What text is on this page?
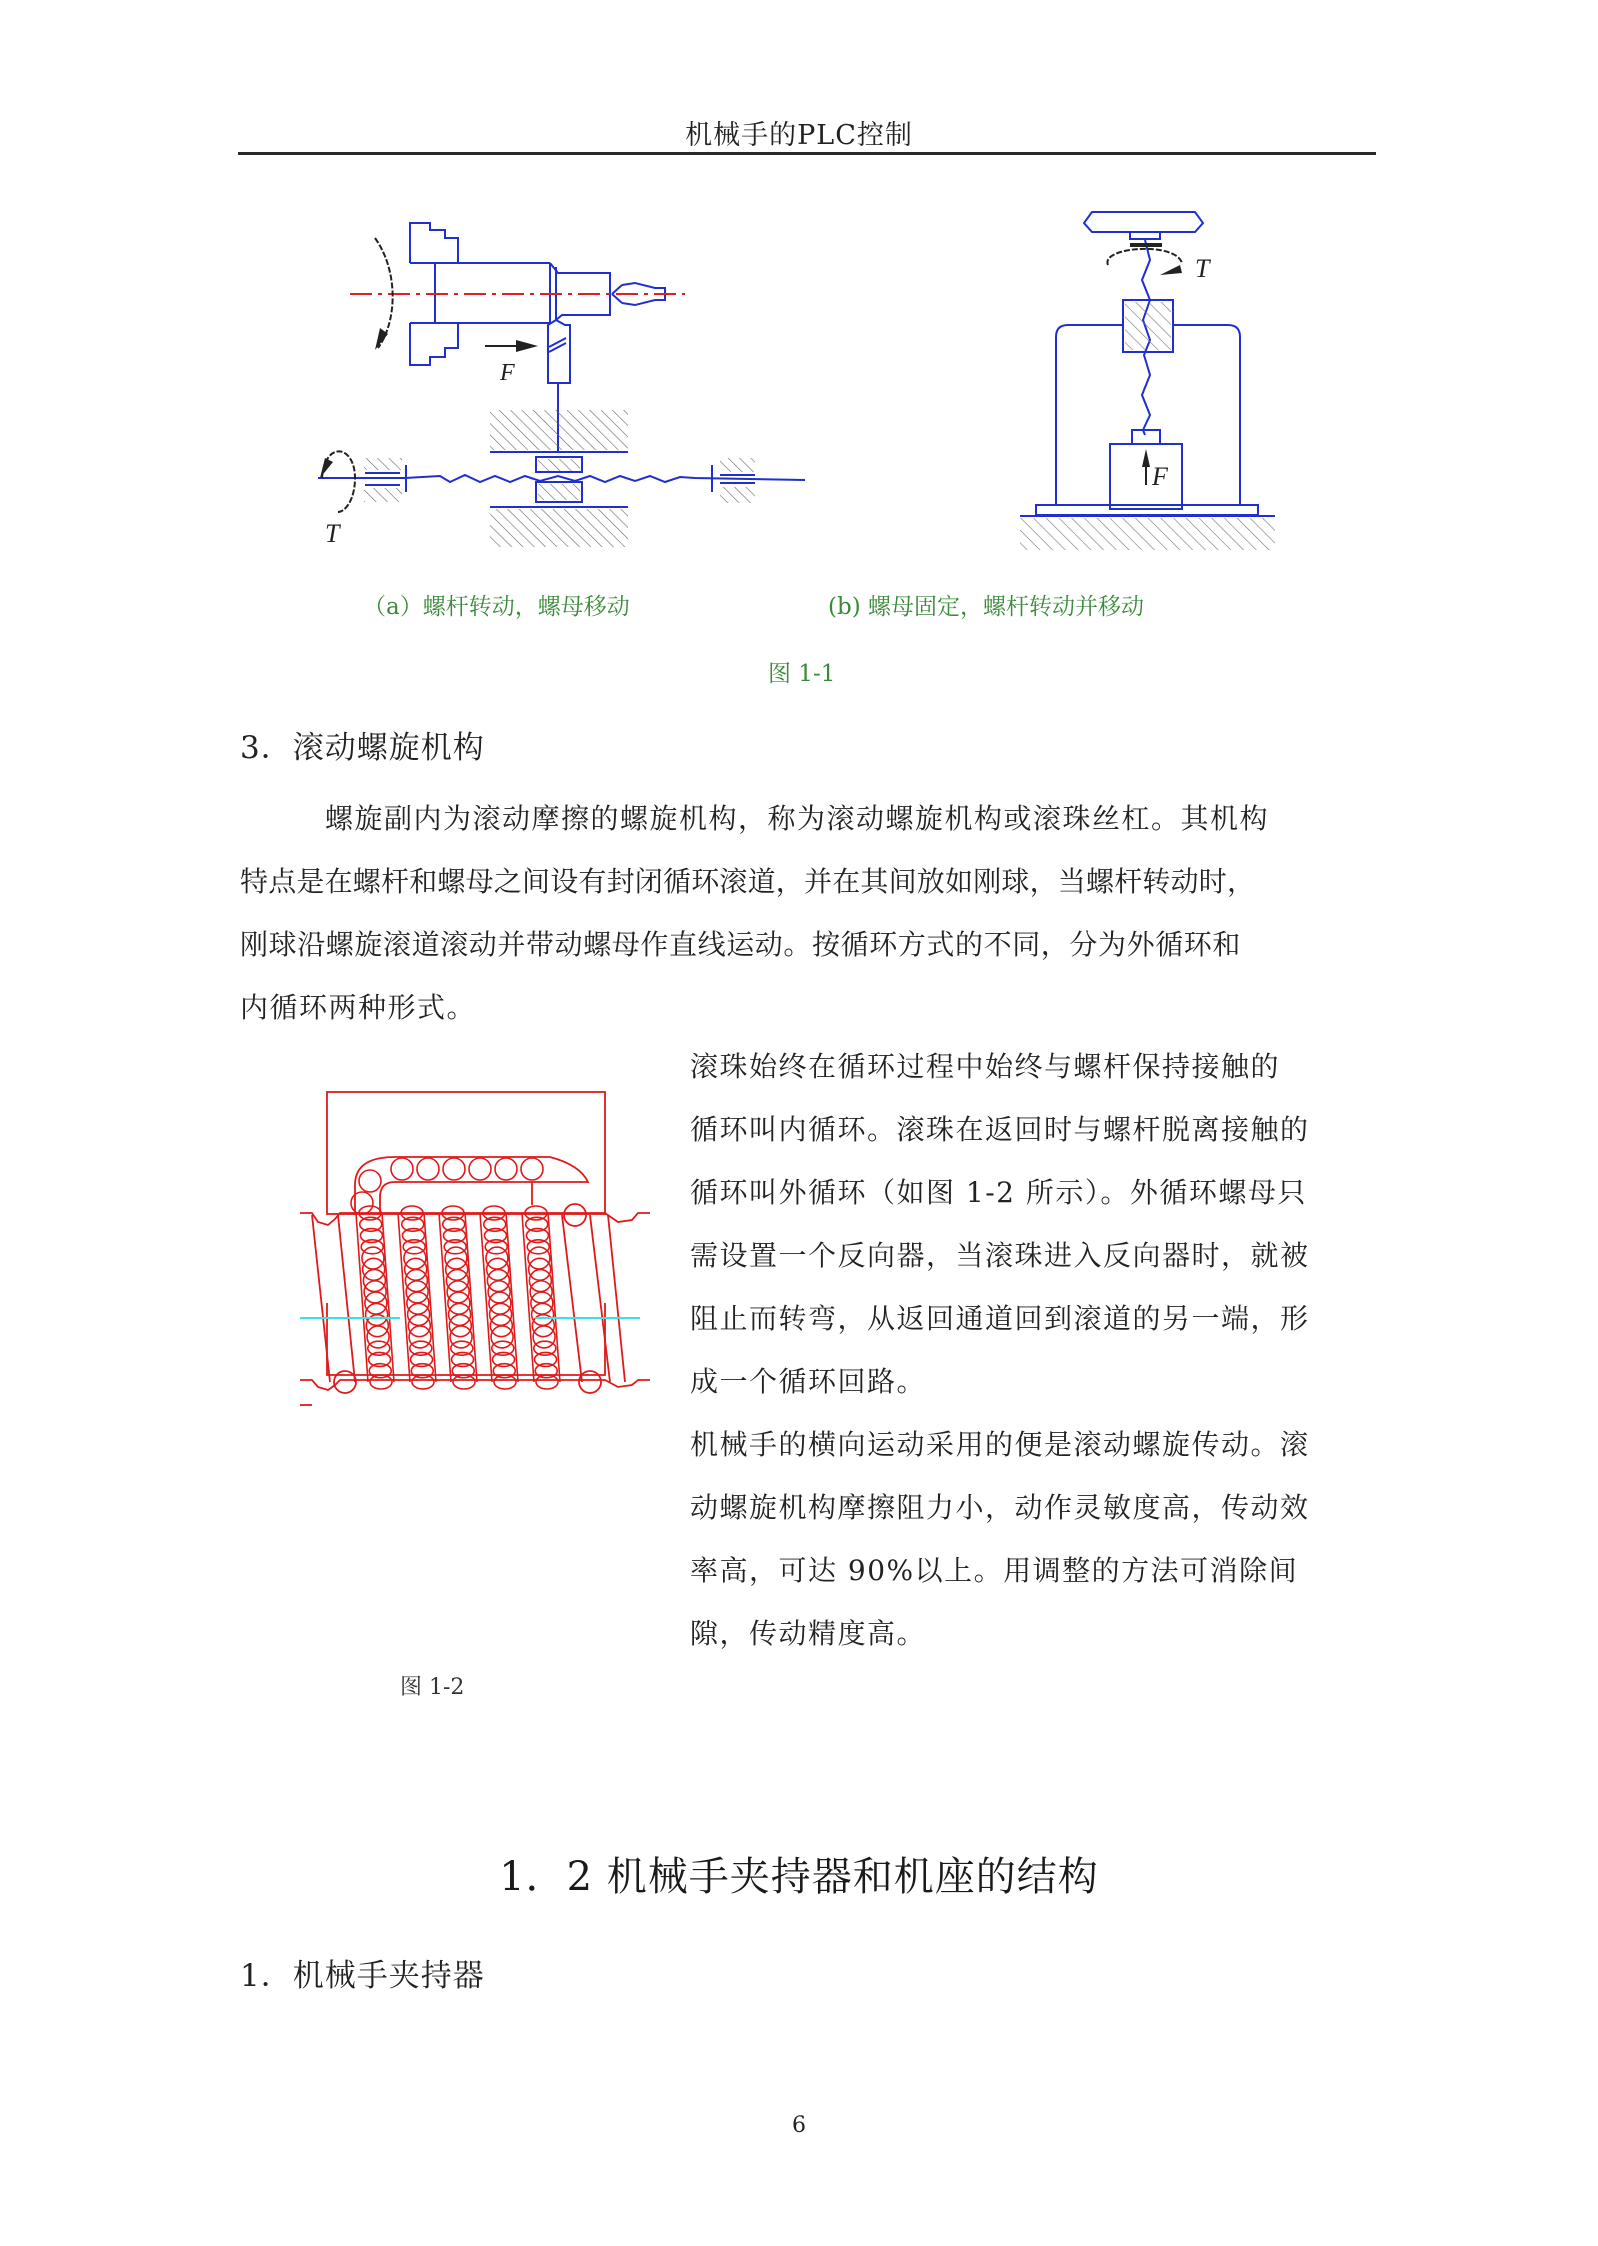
机械手的PLC控制
F
T
T
F
（a）螺杆转动，螺母移动	(b) 螺母固定，螺杆转动并移动
图 1-1
3．滚动螺旋机构
螺旋副内为滚动摩擦的螺旋机构，称为滚动螺旋机构或滚珠丝杠。其机构
特点是在螺杆和螺母之间设有封闭循环滚道，并在其间放如刚球，当螺杆转动时，
刚球沿螺旋滚道滚动并带动螺母作直线运动。按循环方式的不同，分为外循环和
内循环两种形式。
图 1-2
滚珠始终在循环过程中始终与螺杆保持接触的
循环叫内循环。滚珠在返回时与螺杆脱离接触的
循环叫外循环（如图 1-2 所示）。外循环螺母只
需设置一个反向器，当滚珠进入反向器时，就被
阻止而转弯，从返回通道回到滚道的另一端，形
成一个循环回路。
机械手的横向运动采用的便是滚动螺旋传动。滚
动螺旋机构摩擦阻力小，动作灵敏度高，传动效
率高，可达 90%以上。用调整的方法可消除间
隙，传动精度高。
1．2 机械手夹持器和机座的结构
1．机械手夹持器
6
